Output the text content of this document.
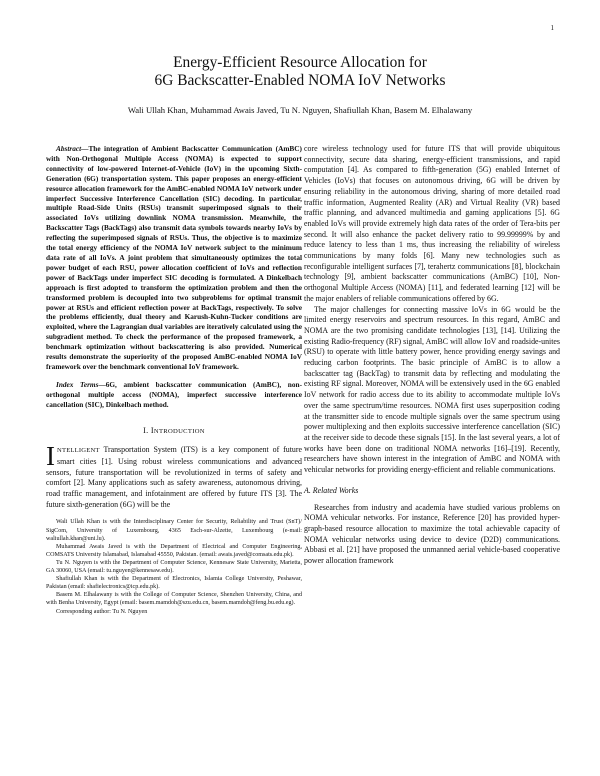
1
Energy-Efficient Resource Allocation for
6G Backscatter-Enabled NOMA IoV Networks
Wali Ullah Khan, Muhammad Awais Javed, Tu N. Nguyen, Shafiullah Khan, Basem M. Elhalawany

Abstract—The integration of Ambient Backscatter Communication (AmBC) with Non-Orthogonal Multiple Access (NOMA) is expected to support connectivity of low-powered Internet-of-Vehicle (IoV) in the upcoming Sixth-Generation (6G) transportation system. This paper proposes an energy-efficient resource allocation framework for the AmBC-enabled NOMA IoV network under imperfect Successive Interference Cancellation (SIC) decoding. In particular, multiple Road-Side Units (RSUs) transmit superimposed signals to their associated IoVs utilizing downlink NOMA transmission. Meanwhile, the Backscatter Tags (BackTags) also transmit data symbols towards nearby IoVs by reflecting the superimposed signals of RSUs. Thus, the objective is to maximize the total energy efficiency of the NOMA IoV network subject to the minimum data rate of all IoVs. A joint problem that simultaneously optimizes the total power budget of each RSU, power allocation coefficient of IoVs and reflection power of BackTags under imperfect SIC decoding is formulated. A Dinkelbach approach is first adopted to transform the optimization problem and then the transformed problem is decoupled into two subproblems for optimal transmit power at RSUs and efficient reflection power at BackTags, respectively. To solve the problems efficiently, dual theory and Karush-Kuhn-Tucker conditions are exploited, where the Lagrangian dual variables are iteratively calculated using the subgradient method. To check the performance of the proposed framework, a benchmark optimization without backscattering is also provided. Numerical results demonstrate the superiority of the proposed AmBC-enabled NOMA IoV framework over the benchmark conventional IoV framework.

Index Terms—6G, ambient backscatter communication (AmBC), non-orthogonal multiple access (NOMA), imperfect successive interference cancellation (SIC), Dinkelbach method.

I. INTRODUCTION

INTELLIGENT Transportation System (ITS) is a key component of future smart cities [1]. Using robust wireless communications and advanced sensors, future transportation will be revolutionized in terms of safety and comfort [2]. Many applications such as safety awareness, autonomous driving, road traffic management, and infotainment are offered by future ITS [3]. The future sixth-generation (6G) will be the

Wali Ullah Khan is with the Interdisciplinary Center for Security, Reliability and Trust (SnT)/ SigCom, University of Luxembourg, 4365 Esch-sur-Alzette, Luxembourg (e-mail: waliullah.khan@uni.lu).

Muhammad Awais Javed is with the Department of Electrical and Computer Engineering, COMSATS University Islamabad, Islamabad 45550, Pakistan. (email: awais.javed@comsats.edu.pk).

Tu N. Nguyen is with the Department of Computer Science, Kennesaw State University, Marietta, GA 30060, USA (email: tu.nguyen@kennesaw.edu).

Shafiullah Khan is with the Department of Electronics, Islamia College University, Peshawar, Pakistan (email: shafielectronics@icp.edu.pk).

Basem M. Elhalawany is with the College of Computer Science, Shenzhen University, China, and with Benha University, Egypt (email: basem.mamdoh@szu.edu.cn, basem.mamdoh@feng.bu.edu.eg).

Corresponding author: Tu N. Nguyen

core wireless technology used for future ITS that will provide ubiquitous connectivity, secure data sharing, energy-efficient transmissions, and rapid computation [4]. As compared to fifth-generation (5G) enabled Internet of Vehicles (IoVs) that focuses on autonomous driving, 6G will be driven by ensuring reliability in the autonomous driving, sharing of more detailed road traffic information, Augmented Reality (AR) and Virtual Reality (VR) based traffic planning, and advanced multimedia and gaming applications [5]. 6G enabled IoVs will provide extremely high data rates of the order of Tera-bits per second. It will also enhance the packet delivery ratio to 99.99999% by and reduce latency to less than 1 ms, thus increasing the reliability of wireless communications by many folds [6]. Many new technologies such as reconfigurable intelligent surfaces [7], terahertz communications [8], blockchain technology [9], ambient backscatter communications (AmBC) [10], Non-orthogonal Multiple Access (NOMA) [11], and federated learning [12] will be the major enablers of reliable communications offered by 6G.

The major challenges for connecting massive IoVs in 6G would be the limited energy reservoirs and spectrum resources. In this regard, AmBC and NOMA are the two promising candidate technologies [13], [14]. Utilizing the existing Radio-frequency (RF) signal, AmBC will allow IoV and roadside-unites (RSU) to operate with little battery power, hence providing energy savings and reducing carbon footprints. The basic principle of AmBC is to allow a backscatter tag (BackTag) to transmit data by reflecting and modulating the existing RF signal. Moreover, NOMA will be extensively used in the 6G enabled IoV network for radio access due to its ability to accommodate multiple IoVs over the same spectrum/time resources. NOMA first uses superposition coding at the transmitter side to encode multiple signals over the same spectrum using power multiplexing and then exploits successive interference cancellation (SIC) at the receiver side to decode these signals [15]. In the last several years, a lot of works have been done on traditional NOMA networks [16]–[19]. Recently, researchers have shown interest in the integration of AmBC and NOMA with vehicular networks for providing energy-efficient and reliable communications.

A. Related Works

Researches from industry and academia have studied various problems on NOMA vehicular networks. For instance, Reference [20] has provided hyper-graph-based resource allocation to maximize the total achievable capacity of NOMA vehicular networks using device to device (D2D) communications. Abbasi et al. [21] have proposed the unmanned aerial vehicle-based cooperative power allocation framework
